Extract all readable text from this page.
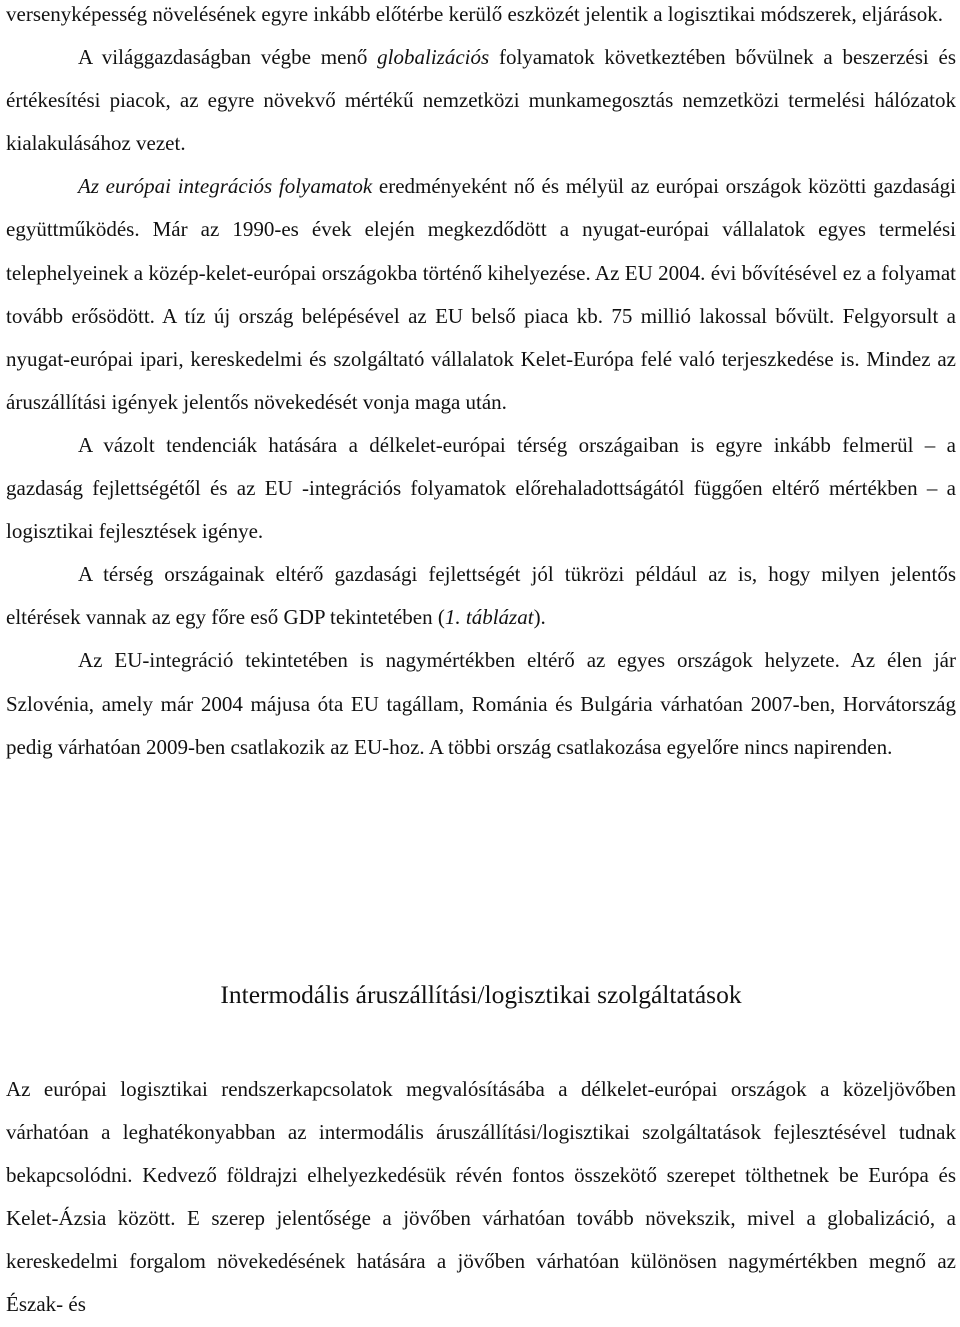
versenyképesség növelésének egyre inkább előtérbe kerülő eszközét jelentik a logisztikai módszerek, eljárások.

A világgazdaságban végbe menő globalizációs folyamatok következtében bővülnek a beszerzési és értékesítési piacok, az egyre növekvő mértékű nemzetközi munkamegosztás nemzetközi termelési hálózatok kialakulásához vezet.

Az európai integrációs folyamatok eredményeként nő és mélyül az európai országok közötti gazdasági együttműködés. Már az 1990-es évek elején megkezdődött a nyugat-európai vállalatok egyes termelési telephelyeinek a közép-kelet-európai országokba történő kihelyezése. Az EU 2004. évi bővítésével ez a folyamat tovább erősödött. A tíz új ország belépésével az EU belső piaca kb. 75 millió lakossal bővült. Felgyorsult a nyugat-európai ipari, kereskedelmi és szolgáltató vállalatok Kelet-Európa felé való terjeszkedése is. Mindez az áruszállítási igények jelentős növekedését vonja maga után.

A vázolt tendenciák hatására a délkelet-európai térség országaiban is egyre inkább felmerül – a gazdaság fejlettségétől és az EU -integrációs folyamatok előrehaladottságától függően eltérő mértékben – a logisztikai fejlesztések igénye.

A térség országainak eltérő gazdasági fejlettségét jól tükrözi például az is, hogy milyen jelentős eltérések vannak az egy főre eső GDP tekintetében (1. táblázat).

Az EU-integráció tekintetében is nagymértékben eltérő az egyes országok helyzete. Az élen jár Szlovénia, amely már 2004 májusa óta EU tagállam, Románia és Bulgária várhatóan 2007-ben, Horvátország pedig várhatóan 2009-ben csatlakozik az EU-hoz. A többi ország csatlakozása egyelőre nincs napirenden.

Intermodális áruszállítási/logisztikai szolgáltatások

Az európai logisztikai rendszerkapcsolatok megvalósításába a délkelet-európai országok a közeljövőben várhatóan a leghatékonyabban az intermodális áruszállítási/logisztikai szolgáltatások fejlesztésével tudnak bekapcsolódni. Kedvező földrajzi elhelyezkedésük révén fontos összekötő szerepet tölthetnek be Európa és Kelet-Ázsia között. E szerep jelentősége a jövőben várhatóan tovább növekszik, mivel a globalizáció, a kereskedelmi forgalom növekedésének hatására a jövőben várhatóan különösen nagymértékben megnő az Észak- és
